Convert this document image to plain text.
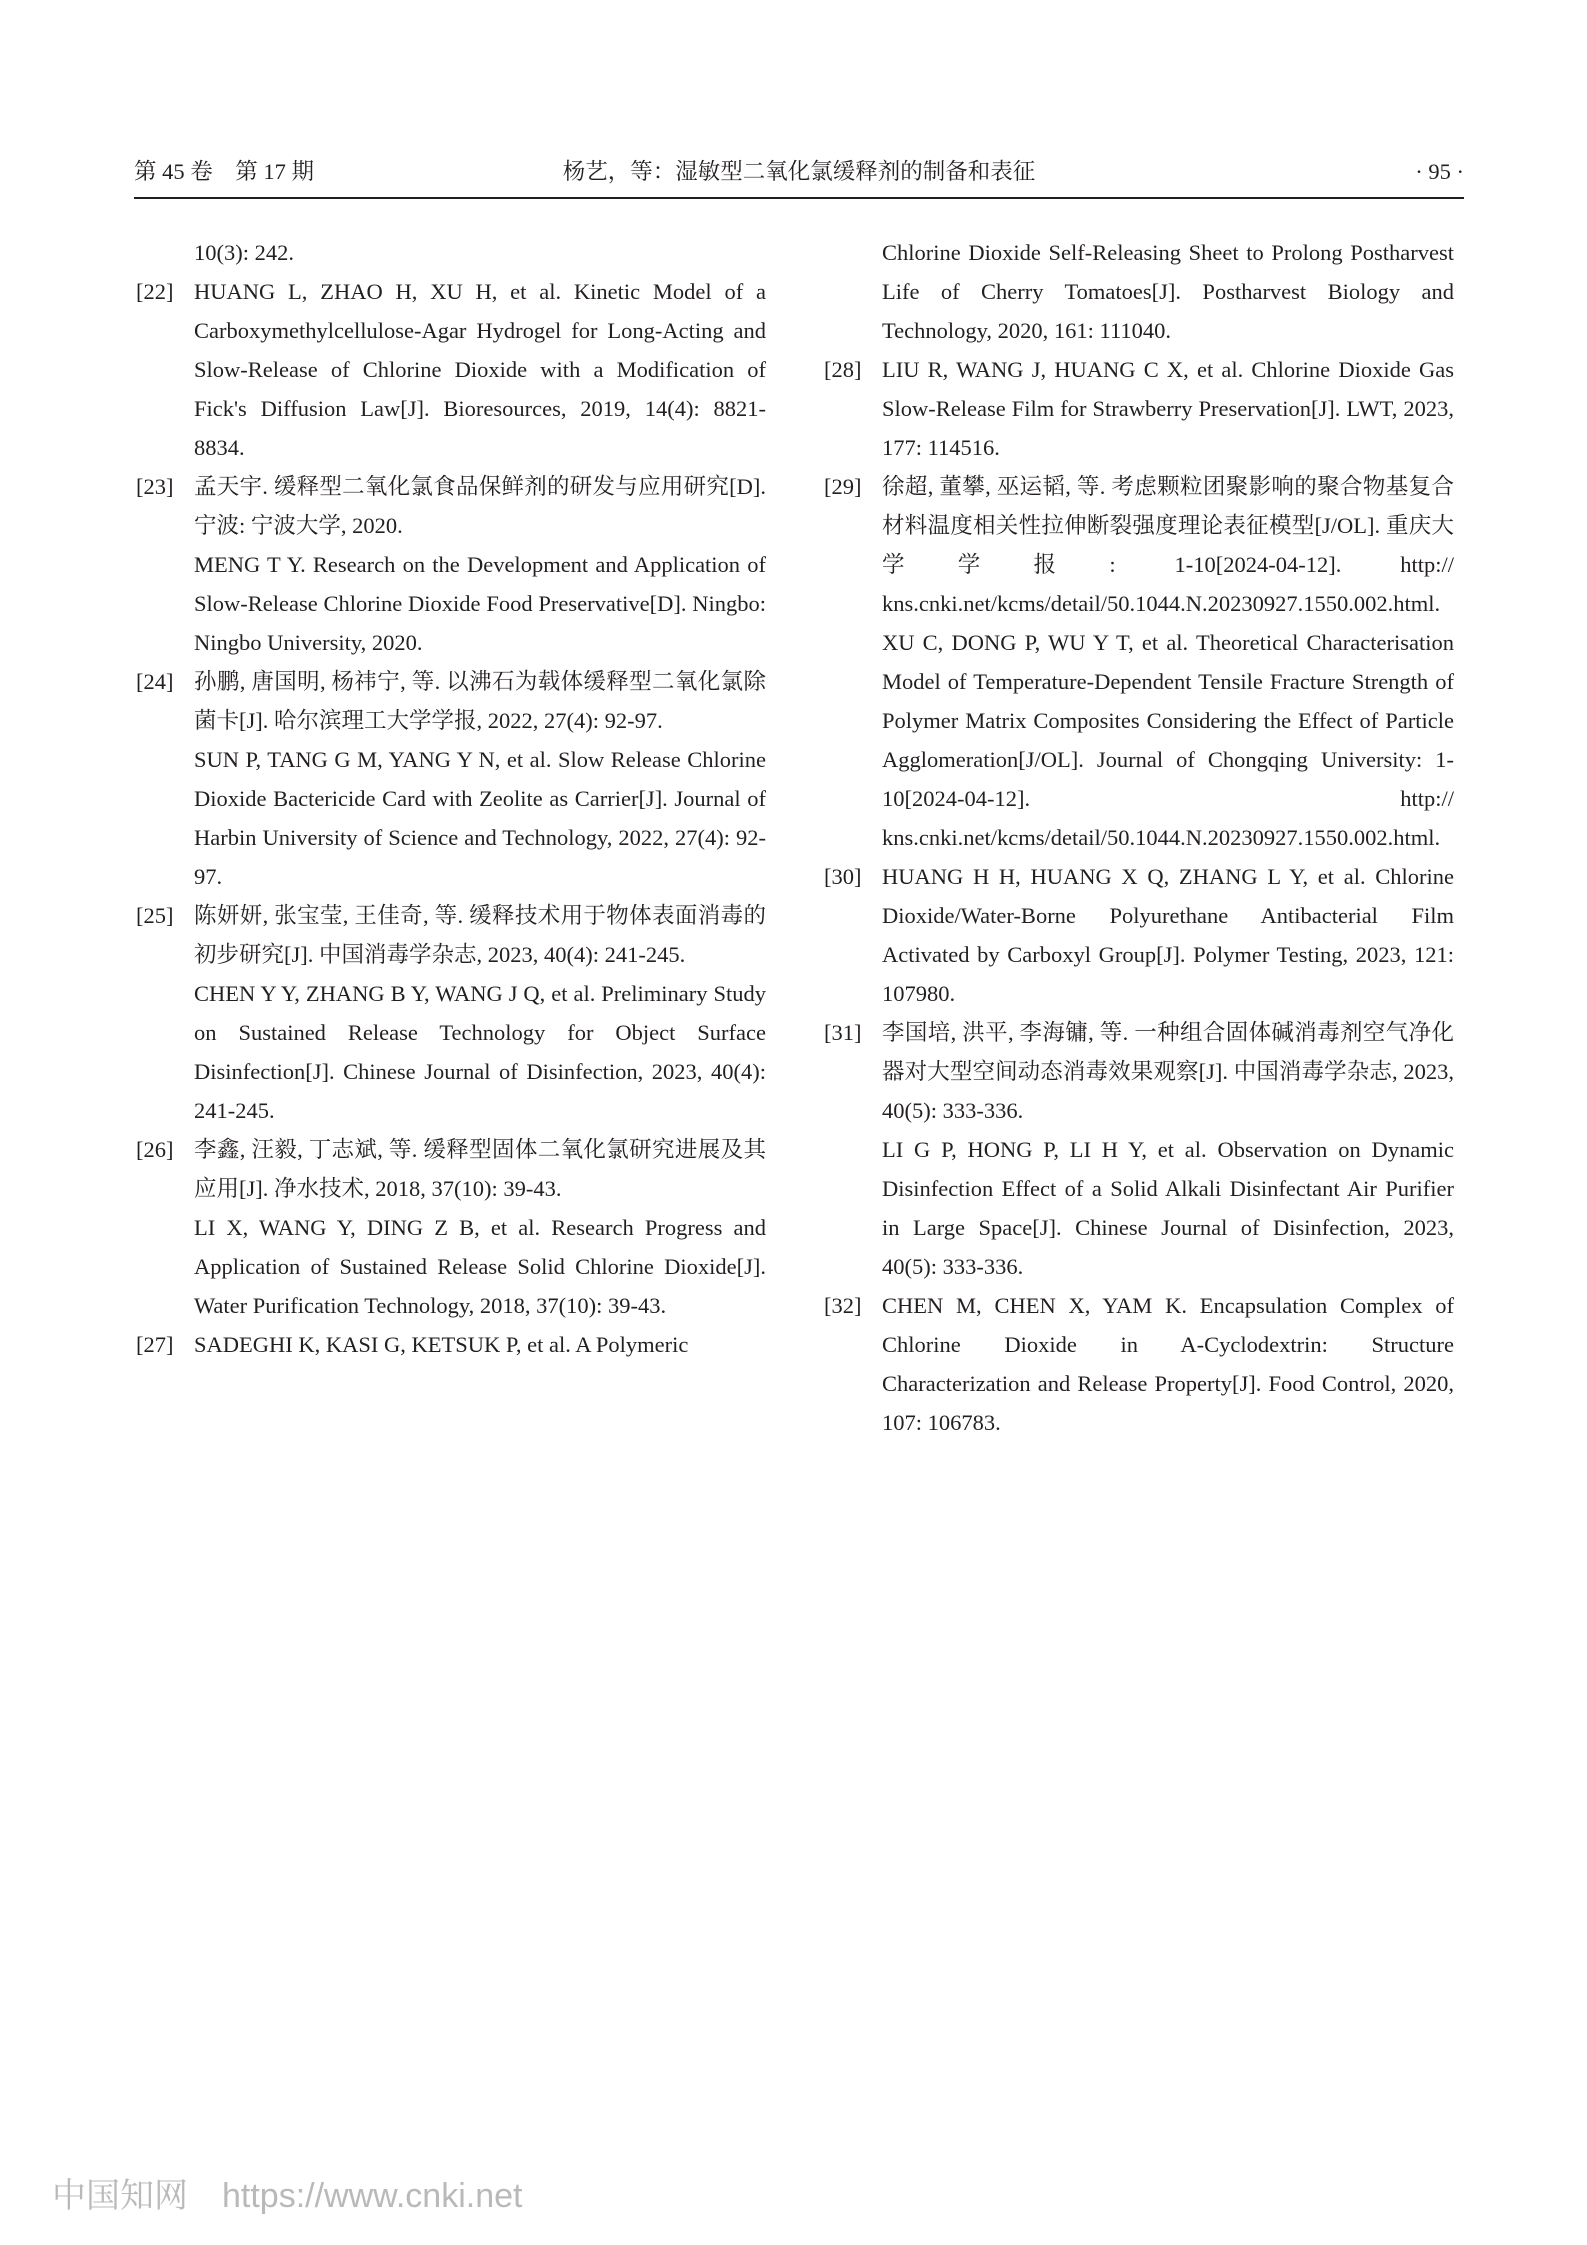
第 45 卷　第 17 期	杨艺，等：湿敏型二氧化氯缓释剂的制备和表征	· 95 ·
10(3): 242.
[22] HUANG L, ZHAO H, XU H, et al. Kinetic Model of a Carboxymethylcellulose-Agar Hydrogel for Long-Acting and Slow-Release of Chlorine Dioxide with a Modification of Fick's Diffusion Law[J]. Bioresources, 2019, 14(4): 8821-8834.

[23] 孟天宇. 缓释型二氧化氯食品保鲜剂的研发与应用研究[D]. 宁波: 宁波大学, 2020.

MENG T Y. Research on the Development and Application of Slow-Release Chlorine Dioxide Food Preservative[D]. Ningbo: Ningbo University, 2020.

[24] 孙鹏, 唐国明, 杨祎宁, 等. 以沸石为载体缓释型二氧化氯除菌卡[J]. 哈尔滨理工大学学报, 2022, 27(4): 92-97.

SUN P, TANG G M, YANG Y N, et al. Slow Release Chlorine Dioxide Bactericide Card with Zeolite as Carrier[J]. Journal of Harbin University of Science and Technology, 2022, 27(4): 92-97.

[25] 陈妍妍, 张宝莹, 王佳奇, 等. 缓释技术用于物体表面消毒的初步研究[J]. 中国消毒学杂志, 2023, 40(4): 241-245.

CHEN Y Y, ZHANG B Y, WANG J Q, et al. Preliminary Study on Sustained Release Technology for Object Surface Disinfection[J]. Chinese Journal of Disinfection, 2023, 40(4): 241-245.

[26] 李鑫, 汪毅, 丁志斌, 等. 缓释型固体二氧化氯研究进展及其应用[J]. 净水技术, 2018, 37(10): 39-43.

LI X, WANG Y, DING Z B, et al. Research Progress and Application of Sustained Release Solid Chlorine Dioxide[J]. Water Purification Technology, 2018, 37(10): 39-43.

[27] SADEGHI K, KASI G, KETSUK P, et al. A Polymeric

Chlorine Dioxide Self-Releasing Sheet to Prolong Postharvest Life of Cherry Tomatoes[J]. Postharvest Biology and Technology, 2020, 161: 111040.
[28] LIU R, WANG J, HUANG C X, et al. Chlorine Dioxide Gas Slow-Release Film for Strawberry Preservation[J]. LWT, 2023, 177: 114516.

[29] 徐超, 董攀, 巫运韬, 等. 考虑颗粒团聚影响的聚合物基复合材料温度相关性拉伸断裂强度理论表征模型[J/OL]. 重庆大学学报: 1-10[2024-04-12]. http:// kns.cnki.net/kcms/detail/50.1044.N.20230927.1550.002.html.

XU C, DONG P, WU Y T, et al. Theoretical Characterisation Model of Temperature-Dependent Tensile Fracture Strength of Polymer Matrix Composites Considering the Effect of Particle Agglomeration[J/OL]. Journal of Chongqing University: 1-10[2024-04-12]. http:// kns.cnki.net/kcms/detail/50.1044.N.20230927.1550.002.html.

[30] HUANG H H, HUANG X Q, ZHANG L Y, et al. Chlorine Dioxide/Water-Borne Polyurethane Antibacterial Film Activated by Carboxyl Group[J]. Polymer Testing, 2023, 121: 107980.

[31] 李国培, 洪平, 李海镛, 等. 一种组合固体碱消毒剂空气净化器对大型空间动态消毒效果观察[J]. 中国消毒学杂志, 2023, 40(5): 333-336.

LI G P, HONG P, LI H Y, et al. Observation on Dynamic Disinfection Effect of a Solid Alkali Disinfectant Air Purifier in Large Space[J]. Chinese Journal of Disinfection, 2023, 40(5): 333-336.

[32] CHEN M, CHEN X, YAM K. Encapsulation Complex of Chlorine Dioxide in A-Cyclodextrin: Structure Characterization and Release Property[J]. Food Control, 2020, 107: 106783.

中国知网 https://www.cnki.net
